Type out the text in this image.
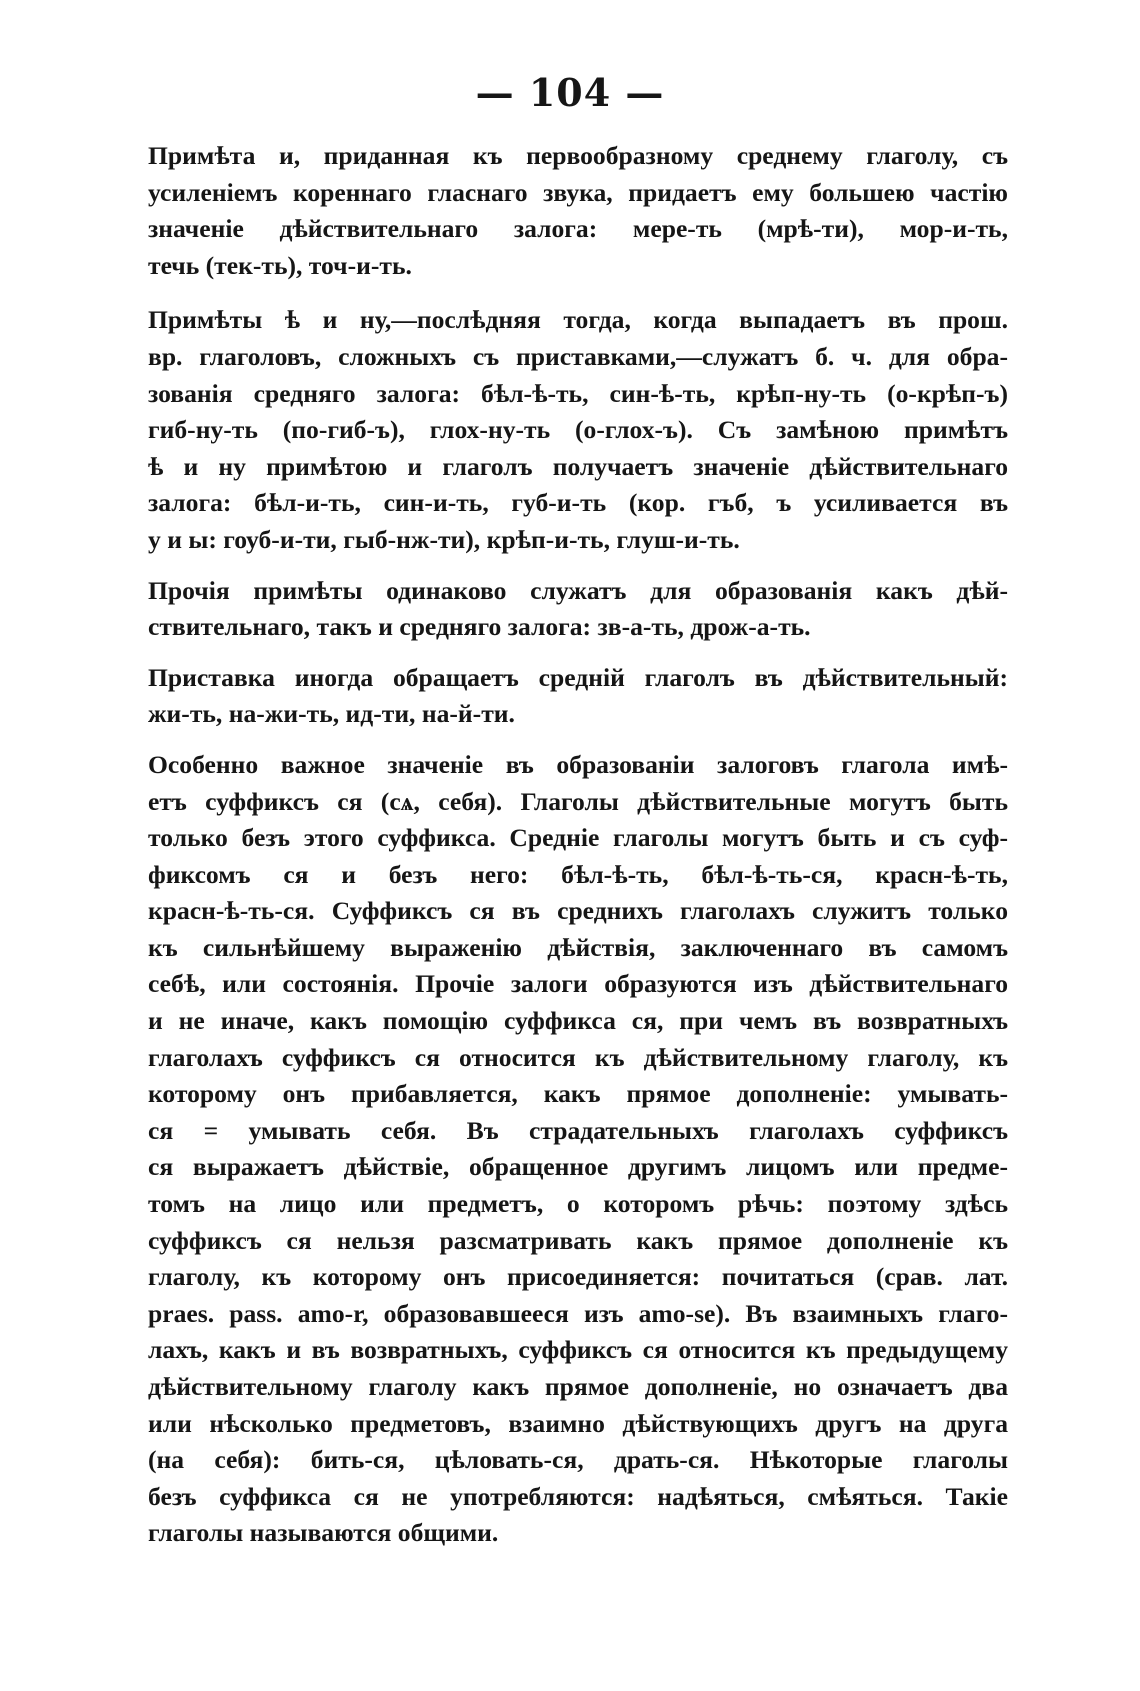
— 104 —

Примѣта и, приданная къ первообразному среднему глаголу, съ
усиленіемъ кореннаго гласнаго звука, придаетъ ему большею частію
значеніе дѣйствительнаго залога: мере-ть (мрѣ-ти), мор-и-ть,
течь (тек-ть), точ-и-ть.

Примѣты ѣ и ну,—послѣдняя тогда, когда выпадаетъ въ прош.
вр. глаголовъ, сложныхъ съ приставками,—служатъ б. ч. для обра-
зованія средняго залога: бѣл-ѣ-ть, син-ѣ-ть, крѣп-ну-ть (о-крѣп-ъ)
гиб-ну-ть (по-гиб-ъ), глох-ну-ть (о-глох-ъ). Съ замѣною примѣтъ
ѣ и ну примѣтою и глаголъ получаетъ значеніе дѣйствительнаго
залога: бѣл-и-ть, син-и-ть, губ-и-ть (кор. гъб, ъ усиливается въ
у и ы: гоуб-и-ти, гыб-нж-ти), крѣп-и-ть, глуш-и-ть.

Прочія примѣты одинаково служатъ для образованія какъ дѣй-
ствительнаго, такъ и средняго залога: зв-а-ть, дрож-а-ть.

Приставка иногда обращаетъ средній глаголъ въ дѣйствительный:
жи-ть, на-жи-ть, ид-ти, на-й-ти.

Особенно важное значеніе въ образованіи залоговъ глагола имѣ-
етъ суффиксъ ся (сѧ, себя). Глаголы дѣйствительные могутъ быть
только безъ этого суффикса. Средніе глаголы могутъ быть и съ суф-
фиксомъ ся и безъ него: бѣл-ѣ-ть, бѣл-ѣ-ть-ся, красн-ѣ-ть,
красн-ѣ-ть-ся. Суффиксъ ся въ среднихъ глаголахъ служитъ только
къ сильнѣйшему выраженію дѣйствія, заключеннаго въ самомъ
себѣ, или состоянія. Прочіе залоги образуются изъ дѣйствительнаго
и не иначе, какъ помощію суффикса ся, при чемъ въ возвратныхъ
глаголахъ суффиксъ ся относится къ дѣйствительному глаголу, къ
которому онъ прибавляется, какъ прямое дополненіе: умывать-
ся = умывать себя. Въ страдательныхъ глаголахъ суффиксъ
ся выражаетъ дѣйствіе, обращенное другимъ лицомъ или предме-
томъ на лицо или предметъ, о которомъ рѣчь: поэтому здѣсь
суффиксъ ся нельзя разсматривать какъ прямое дополненіе къ
глаголу, къ которому онъ присоединяется: почитаться (срав. лат.
praes. pass. amo-r, образовавшееся изъ amo-se). Въ взаимныхъ глаго-
лахъ, какъ и въ возвратныхъ, суффиксъ ся относится къ предыдущему
дѣйствительному глаголу какъ прямое дополненіе, но означаетъ два
или нѣсколько предметовъ, взаимно дѣйствующихъ другъ на друга
(на себя): бить-ся, цѣловать-ся, драть-ся. Нѣкоторые глаголы
безъ суффикса ся не употребляются: надѣяться, смѣяться. Такіе
глаголы называются общими.
